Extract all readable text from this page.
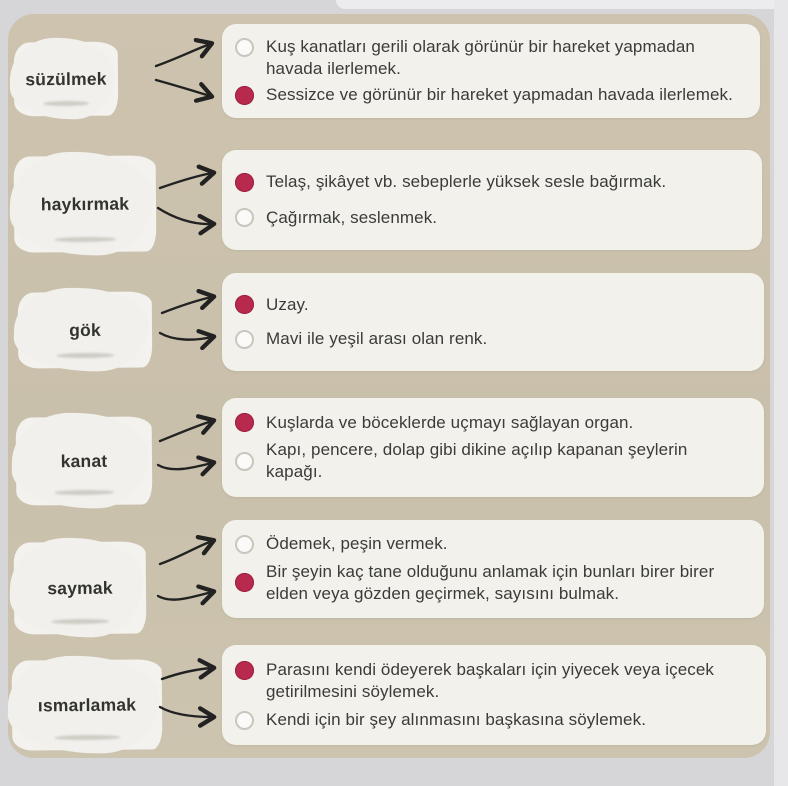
süzülmek
Kuş kanatları gerili olarak görünür bir hareket yapmadan havada ilerlemek.
Sessizce ve görünür bir hareket yapmadan havada ilerlemek.
haykırmak
Telaş, şikâyet vb. sebeplerle yüksek sesle bağırmak.
Çağırmak, seslenmek.
gök
Uzay.
Mavi ile yeşil arası olan renk.
kanat
Kuşlarda ve böceklerde uçmayı sağlayan organ.
Kapı, pencere, dolap gibi dikine açılıp kapanan şeylerin kapağı.
saymak
Ödemek, peşin vermek.
Bir şeyin kaç tane olduğunu anlamak için bunları birer birer elden veya gözden geçirmek, sayısını bulmak.
ısmarlamak
Parasını kendi ödeyerek başkaları için yiyecek veya içecek getirilmesini söylemek.
Kendi için bir şey alınmasını başkasına söylemek.
